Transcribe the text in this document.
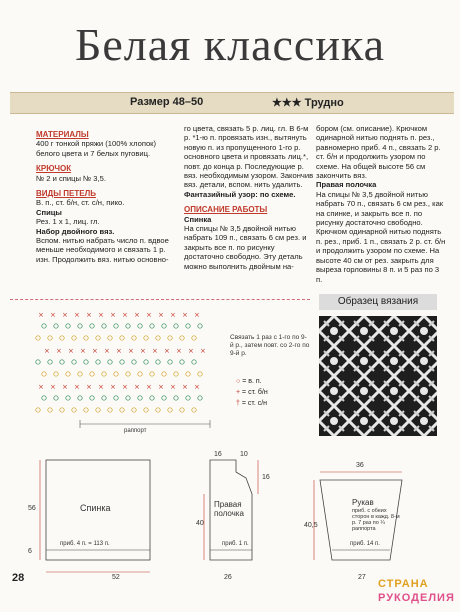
Белая классика
Размер 48–50	★★★ Трудно

МАТЕРИАЛЫ

400 г тонкой пряжи (100% хлопок) белого цвета и 7 белых пуговиц.

КРЮЧОК

№ 2 и спицы № 3,5.

ВИДЫ ПЕТЕЛЬ

В. п., ст. б/н, ст. с/н, пико.

Спицы

Рез. 1 х 1, лиц. гл.

Набор двойного вяз.

Вспом. нитью набрать число п. вдвое меньше необходимого и связать 1 р. изн. Продолжить вяз. нитью основно-

го цвета, связать 5 р. лиц. гл. В 6-м р. *1-ю п. провязать изн., вытянуть новую п. из пропущенного 1-го р. основного цвета и провязать лиц.*, повт. до конца р. Последующие р. вяз. необходимым узором. Закончив вяз. детали, вспом. нить удалить.

Фантазийный узор: по схеме.

ОПИСАНИЕ РАБОТЫ

Спинка

На спицы № 3,5 двойной нитью набрать 109 п., связать 6 см рез. и закрыть все п. по рисунку достаточно свободно. Эту деталь можно выполнить двойным на-

бором (см. описание). Крючком одинарной нитью поднять п. рез., равномерно приб. 4 п., связать 2 р. ст. б/н и продолжить узором по схеме. На общей высоте 56 см закончить вяз.

Правая полочка

На спицы № 3,5 двойной нитью набрать 70 п., связать 6 см рез., как на спинке, и закрыть все п. по рисунку достаточно свободно. Крючком одинарной нитью поднять п. рез., приб. 1 п., связать 2 р. ст. б/н и продолжить узором по схеме. На высоте 40 см от рез. закрыть для выреза горловины 8 п. и 5 раз по 3 п.

× × × × × × × × × × × × × ×
× × × × × × × × × × × × × ×
× × × × × × × × × × × × × ×
раппорт
Связать 1 раз с 1-го по 9-й р., затем повт. со 2-го по 9-й р.
○ = в. п.
+ = ст. б/н
† = ст. с/н
Образец вязания
Спинка
приб. 4 п. = 113 п.
56
6
52
Правая полочка
приб. 1 п.
16	10
40
16
26
Рукав
приб. с обеих сторон в кажд. 8-м р. 7 раз по ¼ раппорта
36
40,5
приб. 14 п.
27
28	СТРАНА
РУКОДЕЛИЯ
